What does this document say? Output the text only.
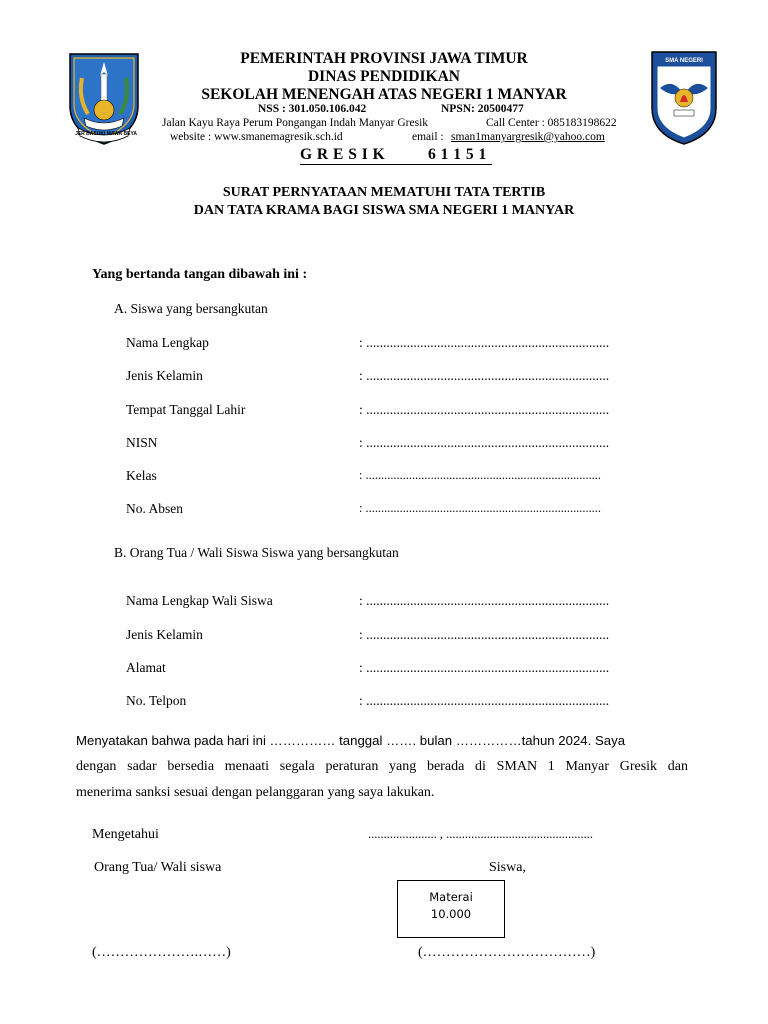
JER BASUKI MAWA BEYA
SMA NEGERI
MANYAR
PEMERINTAH PROVINSI JAWA TIMUR
DINAS PENDIDIKAN
SEKOLAH MENENGAH ATAS NEGERI 1 MANYAR
NSS : 301.050.106.042	NPSN: 20500477
Jalan Kayu Raya Perum Pongangan Indah Manyar Gresik	Call Center : 085183198622
website : www.smanemagresik.sch.id	email : sman1manyargresik@yahoo.com
G R E S I K	6 1 1 5 1
SURAT PERNYATAAN MEMATUHI TATA TERTIB
DAN TATA KRAMA BAGI SISWA SMA NEGERI 1 MANYAR
Yang bertanda tangan dibawah ini :
A. Siswa yang bersangkutan
Nama Lengkap	: ........................................................................
Jenis Kelamin	: ........................................................................
Tempat Tanggal Lahir	: ........................................................................
NISN	: ........................................................................
Kelas	: ............................................................................
No. Absen	: ............................................................................
B. Orang Tua / Wali Siswa Siswa yang bersangkutan
Nama Lengkap Wali Siswa	: ........................................................................
Jenis Kelamin	: ........................................................................
Alamat	: ........................................................................
No. Telpon	: ........................................................................
Menyatakan bahwa pada hari ini …………… tanggal ……. bulan ……………tahun 2024. Saya
dengan sadar bersedia menaati segala peraturan yang berada di SMAN 1 Manyar Gresik dan
menerima sanksi sesuai dengan pelanggaran yang saya lakukan.
Mengetahui	...................... , ...............................................
Orang Tua/ Wali siswa	Siswa,
Materai
10.000
(………………….……)	(………………………………)
